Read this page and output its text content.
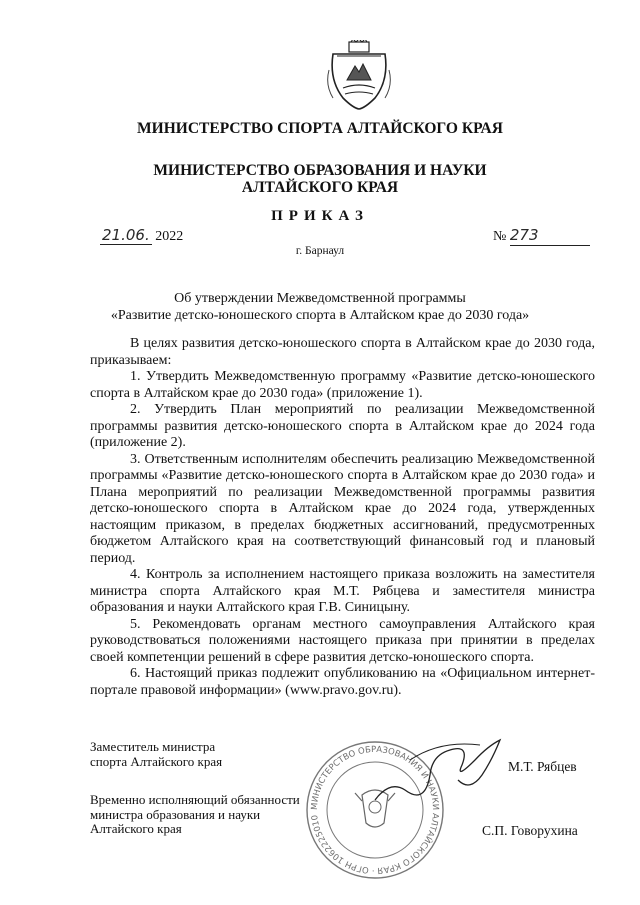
МИНИСТЕРСТВО СПОРТА АЛТАЙСКОГО КРАЯ
МИНИСТЕРСТВО ОБРАЗОВАНИЯ И НАУКИ
АЛТАЙСКОГО КРАЯ
ПРИКАЗ
21.06. 2022	№ 273
г. Барнаул
Об утверждении Межведомственной программы
«Развитие детско-юношеского спорта в Алтайском крае до 2030 года»

В целях развития детско-юношеского спорта в Алтайском крае до 2030 года, приказываем:

1. Утвердить Межведомственную программу «Развитие детско-юношеского спорта в Алтайском крае до 2030 года» (приложение 1).

2. Утвердить План мероприятий по реализации Межведомственной программы развития детско-юношеского спорта в Алтайском крае до 2024 года (приложение 2).

3. Ответственным исполнителям обеспечить реализацию Межведомственной программы «Развитие детско-юношеского спорта в Алтайском крае до 2030 года» и Плана мероприятий по реализации Межведомственной программы развития детско-юношеского спорта в Алтайском крае до 2024 года, утвержденных настоящим приказом, в пределах бюджетных ассигнований, предусмотренных бюджетом Алтайского края на соответствующий финансовый год и плановый период.

4. Контроль за исполнением настоящего приказа возложить на заместителя министра спорта Алтайского края М.Т. Рябцева и заместителя министра образования и науки Алтайского края Г.В. Синицыну.

5. Рекомендовать органам местного самоуправления Алтайского края руководствоваться положениями настоящего приказа при принятии в пределах своей компетенции решений в сфере развития детско-юношеского спорта.

6. Настоящий приказ подлежит опубликованию на «Официальном интернет-портале правовой информации» (www.pravo.gov.ru).

МИНИСТЕРСТВО ОБРАЗОВАНИЯ И НАУКИ АЛТАЙСКОГО КРАЯ · ОГРН 1062225010
Заместитель министра
спорта Алтайского края	М.Т. Рябцев
Временно исполняющий обязанности
министра образования и науки
Алтайского края	С.П. Говорухина
